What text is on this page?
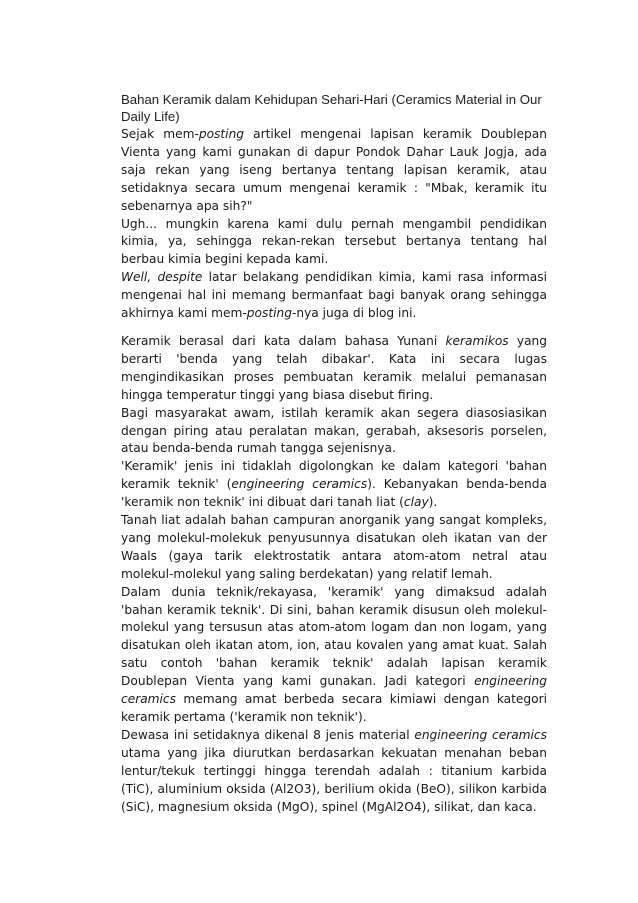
Bahan Keramik dalam Kehidupan Sehari-Hari (Ceramics Material in Our Daily Life)

Sejak mem-posting artikel mengenai lapisan keramik Doublepan Vienta yang kami gunakan di dapur Pondok Dahar Lauk Jogja, ada saja rekan yang iseng bertanya tentang lapisan keramik, atau setidaknya secara umum mengenai keramik : "Mbak, keramik itu sebenarnya apa sih?"

Ugh... mungkin karena kami dulu pernah mengambil pendidikan kimia, ya, sehingga rekan-rekan tersebut bertanya tentang hal berbau kimia begini kepada kami.

Well, despite latar belakang pendidikan kimia, kami rasa informasi mengenai hal ini memang bermanfaat bagi banyak orang sehingga akhirnya kami mem-posting-nya juga di blog ini.

Keramik berasal dari kata dalam bahasa Yunani keramikos yang berarti 'benda yang telah dibakar'. Kata ini secara lugas mengindikasikan proses pembuatan keramik melalui pemanasan hingga temperatur tinggi yang biasa disebut firing.

Bagi masyarakat awam, istilah keramik akan segera diasosiasikan dengan piring atau peralatan makan, gerabah, aksesoris porselen, atau benda-benda rumah tangga sejenisnya.

'Keramik' jenis ini tidaklah digolongkan ke dalam kategori 'bahan keramik teknik' (engineering ceramics). Kebanyakan benda-benda 'keramik non teknik' ini dibuat dari tanah liat (clay).

Tanah liat adalah bahan campuran anorganik yang sangat kompleks, yang molekul-molekuk penyusunnya disatukan oleh ikatan van der Waals (gaya tarik elektrostatik antara atom-atom netral atau molekul-molekul yang saling berdekatan) yang relatif lemah.

Dalam dunia teknik/rekayasa, 'keramik' yang dimaksud adalah 'bahan keramik teknik'. Di sini, bahan keramik disusun oleh molekul-molekul yang tersusun atas atom-atom logam dan non logam, yang disatukan oleh ikatan atom, ion, atau kovalen yang amat kuat. Salah satu contoh 'bahan keramik teknik' adalah lapisan keramik Doublepan Vienta yang kami gunakan. Jadi kategori engineering ceramics memang amat berbeda secara kimiawi dengan kategori keramik pertama ('keramik non teknik').

Dewasa ini setidaknya dikenal 8 jenis material engineering ceramics utama yang jika diurutkan berdasarkan kekuatan menahan beban lentur/tekuk tertinggi hingga terendah adalah : titanium karbida (TiC), aluminium oksida (Al2O3), berilium okida (BeO), silikon karbida (SiC), magnesium oksida (MgO), spinel (MgAl2O4), silikat, dan kaca.
